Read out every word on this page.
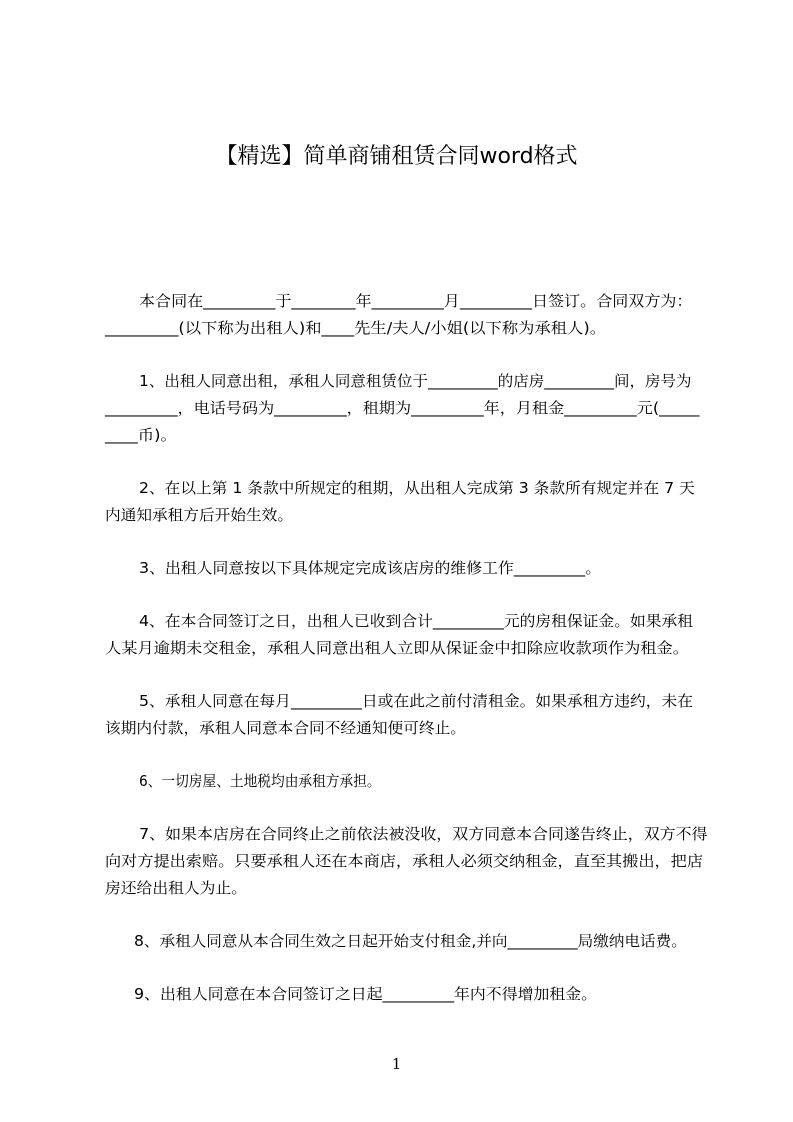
【精选】简单商铺租赁合同word格式
本合同在_________于________年_________月_________日签订。合同双方为：
_________(以下称为出租人)和____先生/夫人/小姐(以下称为承租人)。
1、出租人同意出租，承租人同意租赁位于_________的店房_________间，房号为
_________，电话号码为_________，租期为_________年，月租金_________元(_____
____币)。
2、在以上第 1 条款中所规定的租期，从出租人完成第 3 条款所有规定并在 7 天
内通知承租方后开始生效。
3、出租人同意按以下具体规定完成该店房的维修工作_________。
4、在本合同签订之日，出租人已收到合计_________元的房租保证金。如果承租
人某月逾期未交租金，承租人同意出租人立即从保证金中扣除应收款项作为租金。
5、承租人同意在每月_________日或在此之前付清租金。如果承租方违约，未在
该期内付款，承租人同意本合同不经通知便可终止。
6、一切房屋、土地税均由承租方承担。
7、如果本店房在合同终止之前依法被没收，双方同意本合同遂告终止，双方不得
向对方提出索赔。只要承租人还在本商店，承租人必须交纳租金，直至其搬出，把店
房还给出租人为止。
8、承租人同意从本合同生效之日起开始支付租金,并向_________局缴纳电话费。
9、出租人同意在本合同签订之日起_________年内不得增加租金。
1
